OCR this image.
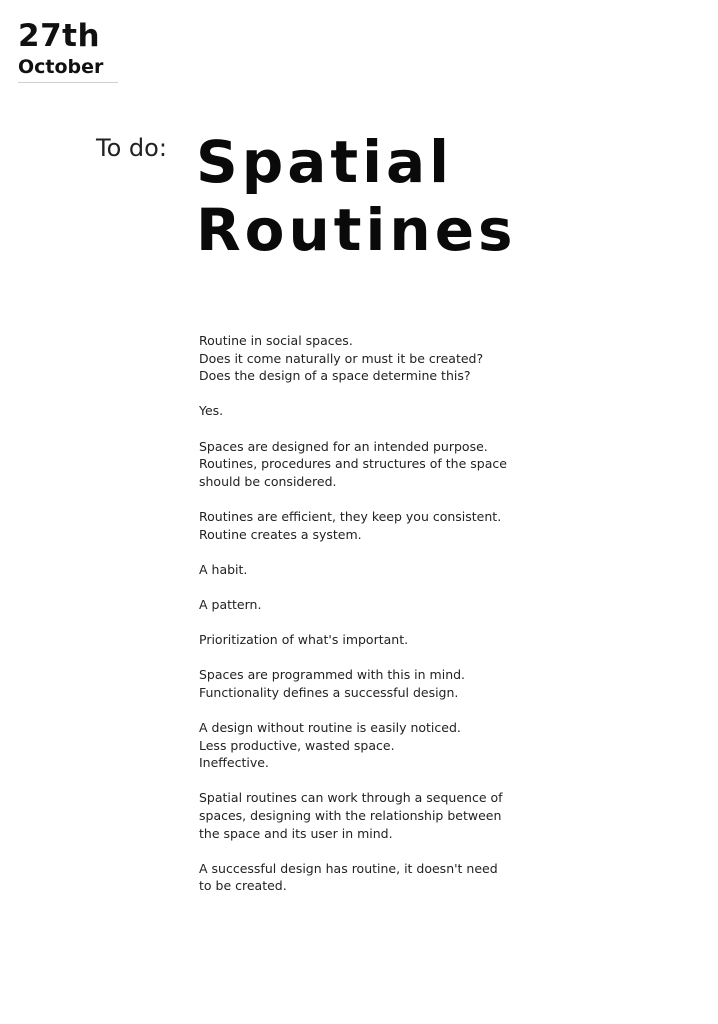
27th
October
To do: Spatial
Routines

Routine in social spaces.
Does it come naturally or must it be created?
Does the design of a space determine this?

Yes.

Spaces are designed for an intended purpose.
Routines, procedures and structures of the space
should be considered.

Routines are efficient, they keep you consistent.
Routine creates a system.

A habit.

A pattern.

Prioritization of what's important.

Spaces are programmed with this in mind.
Functionality defines a successful design.

A design without routine is easily noticed.
Less productive, wasted space.
Ineffective.

Spatial routines can work through a sequence of
spaces, designing with the relationship between
the space and its user in mind.

A successful design has routine, it doesn't need
to be created.
